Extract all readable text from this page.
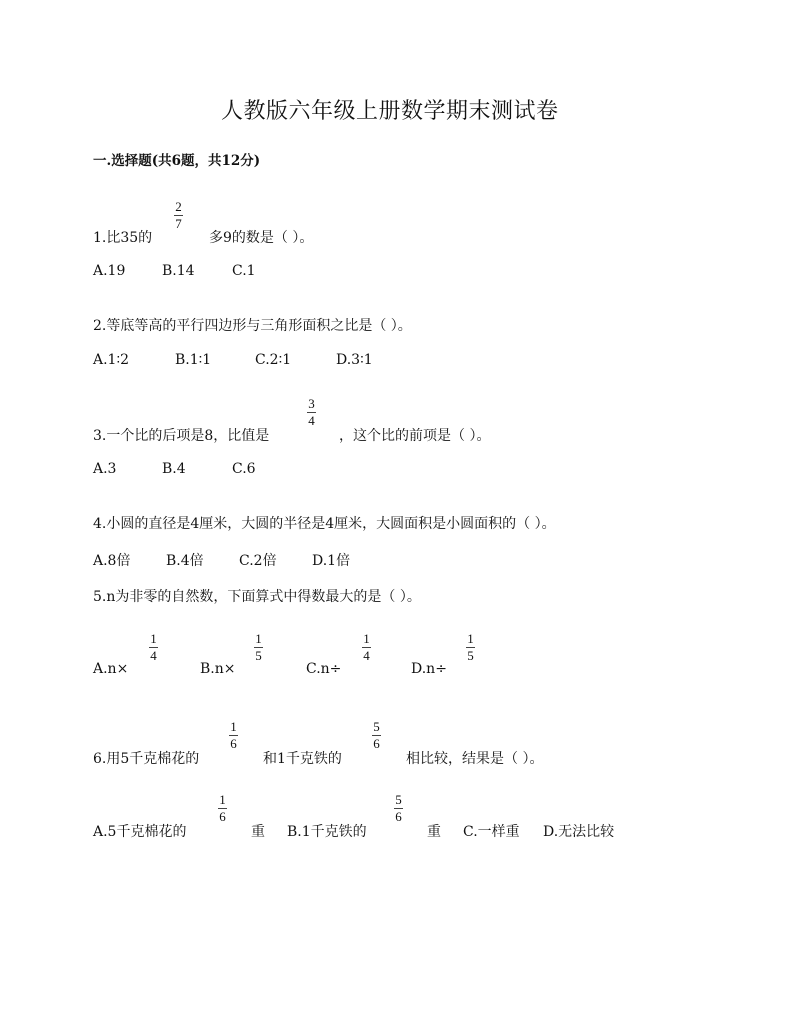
人教版六年级上册数学期末测试卷
一.选择题(共6题，共12分)
1.比35的
2
7
多9的数是（ ）。
A.19	B.14	C.1
2.等底等高的平行四边形与三角形面积之比是（ ）。
A.1∶2	B.1∶1	C.2∶1	D.3∶1
3.一个比的后项是8，比值是
3
4
，这个比的前项是（ ）。
A.3	B.4	C.6
4.小圆的直径是4厘米，大圆的半径是4厘米，大圆面积是小圆面积的（ ）。
A.8倍	B.4倍	C.2倍	D.1倍
5.n为非零的自然数，下面算式中得数最大的是（ ）。
A.n×
1
4
B.n×
1
5
C.n÷
1
4
D.n÷
1
5
6.用5千克棉花的
1
6
和1千克铁的
5
6
相比较，结果是（ ）。
A.5千克棉花的
1
6
重 B.1千克铁的
5
6
重 C.一样重 D.无法比较
